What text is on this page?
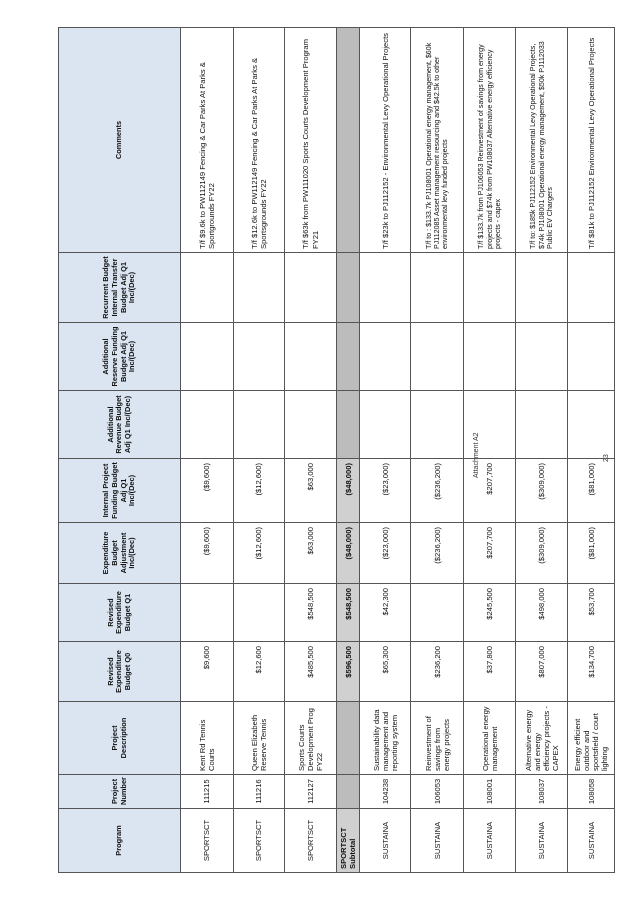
Attachment A2	23
Program	Project Number	Project Description	Revised Expenditure Budget Q0	Revised Expenditure Budget Q1	Expenditure Budget Adjustment Inc/(Dec)	Internal Project Funding Budget Adj Q1 Inc/(Dec)	Additional Revenue Budget Adj Q1 Inc/(Dec)	Additional Reserve Funding Budget Adj Q1 Inc/(Dec)	Recurrent Budget Internal Transfer Budget Adj Q1 Inc/(Dec)	Comments
SPORTSCT	111215	Kent Rd Tennis Courts	$9,600		($9,600)	($9,600)				T/f $9.6k to PW112149 Fencing & Car Parks At Parks & Sportgrounds FY22
SPORTSCT	111216	Queen Elizabeth Reserve Tennis	$12,600		($12,600)	($12,600)				T/f $12.6k to PW112149 Fencing & Car Parks At Parks & Sportsgrounds FY22
SPORTSCT	112127	Sports Courts Development Prog FY22	$485,500	$548,500	$63,000	$63,000				T/f $63k from PW111020 Sports Courts Development Program FY21
SPORTSCT Subtotal			$596,500	$548,500	($48,000)	($48,000)				
SUSTAINA	104238	Sustainability data management and reporting system	$65,300	$42,300	($23,000)	($23,000)				T/f $23k to PJ112152 - Environmental Levy Operational Projects
SUSTAINA	106053	Reinvestment of savings from energy projects	$236,200		($236,200)	($236,200)				T/f to : $133.7k PJ108001 Operational energy management, $60k PJ112085 Asset management resourcing and $42.5k to other environmental levy funded projects
SUSTAINA	108001	Operational energy management	$37,800	$245,500	$207,700	$207,700				T/f $133.7k from PJ106053 Reinvestment of savings from energy projects and $74k from PW108037 Alternative energy efficiency projects - capex
SUSTAINA	108037	Alternative energy and energy efficiency projects - CAPEX	$807,000	$498,000	($309,000)	($309,000)				T/f to: $185k PJ112152 Environmental Levy Operational Projects, $74k PJ108001 Operational energy management, $50k PJ112033 Public EV Chargers
SUSTAINA	108058	Energy efficient outdoor and sportsfield / court lighting	$134,700	$53,700	($81,000)	($81,000)				T/f $81k to PJ112152 Environmental Levy Operational Projects
